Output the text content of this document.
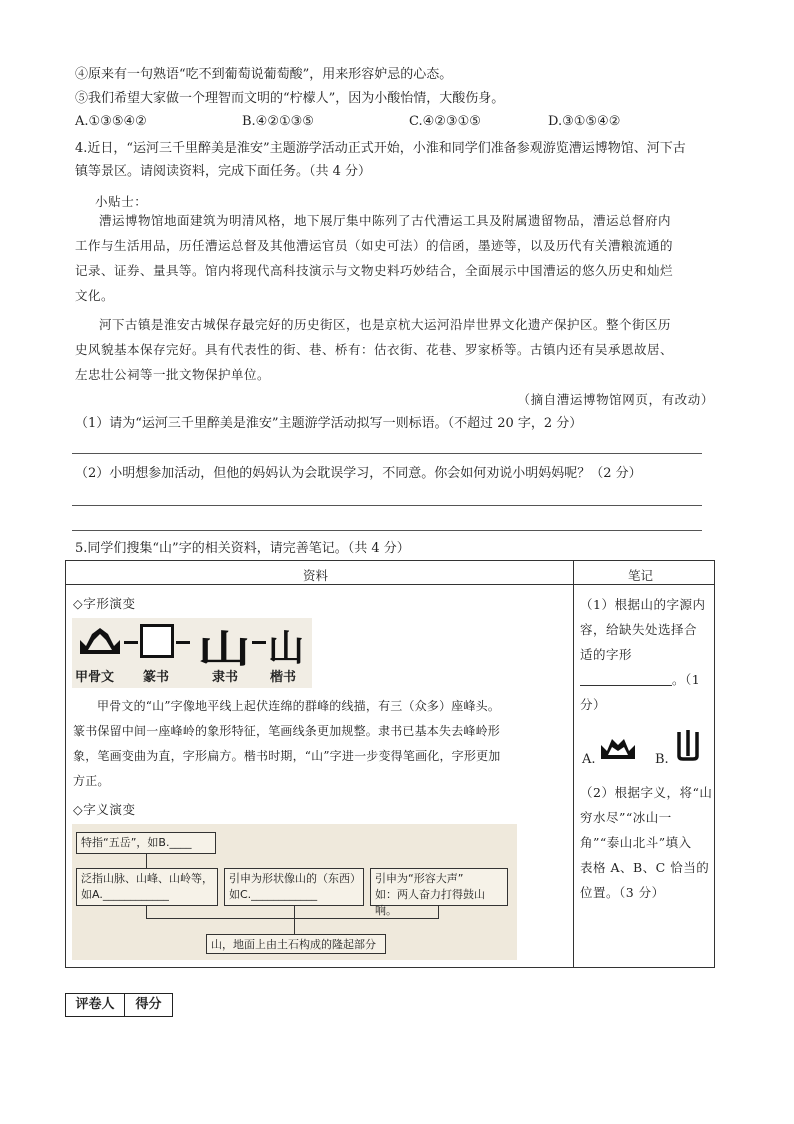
④原来有一句熟语“吃不到葡萄说葡萄酸”，用来形容妒忌的心态。
⑤我们希望大家做一个理智而文明的“柠檬人”，因为小酸怡情，大酸伤身。
A.①③⑤④②	B.④②①③⑤	C.④②③①⑤	D.③①⑤④②
4.近日，“运河三千里醉美是淮安”主题游学活动正式开始，小淮和同学们准备参观游览漕运博物馆、河下古
镇等景区。请阅读资料，完成下面任务。（共 4 分）
小贴士：
漕运博物馆地面建筑为明清风格，地下展厅集中陈列了古代漕运工具及附属遗留物品，漕运总督府内
工作与生活用品，历任漕运总督及其他漕运官员（如史可法）的信函，墨迹等，以及历代有关漕粮流通的
记录、证券、量具等。馆内将现代高科技演示与文物史料巧妙结合，全面展示中国漕运的悠久历史和灿烂
文化。
河下古镇是淮安古城保存最完好的历史街区，也是京杭大运河沿岸世界文化遗产保护区。整个街区历
史风貌基本保存完好。具有代表性的街、巷、桥有：估衣街、花巷、罗家桥等。古镇内还有吴承恩故居、
左忠壮公祠等一批文物保护单位。
（摘自漕运博物馆网页，有改动）
（1）请为“运河三千里醉美是淮安”主题游学活动拟写一则标语。（不超过 20 字，2 分）
（2）小明想参加活动，但他的妈妈认为会耽误学习，不同意。你会如何劝说小明妈妈呢？（2 分）
5.同学们搜集“山”字的相关资料，请完善笔记。（共 4 分）
资料	笔记
◇字形演变
山 山
甲骨文 篆书	隶书 楷书
甲骨文的“山”字像地平线上起伏连绵的群峰的线描，有三（众多）座峰头。
篆书保留中间一座峰岭的象形特征，笔画线条更加规整。隶书已基本失去峰岭形
象，笔画变曲为直，字形扁方。楷书时期，“山”字进一步变得笔画化，字形更加
方正。
◇字义演变
特指“五岳”，如B.____
泛指山脉、山峰、山岭等，
如A.____________
引申为形状像山的（东西）
如C.____________
引申为“形容大声”
如：两人奋力打得鼓山响。
山，地面上由土石构成的隆起部分
（1）根据山的字源内
容，给缺失处选择合
适的字形
。（1
分）
A.	B.
（2）根据字义，将“山
穷水尽”“冰山一
角”“泰山北斗”填入
表格 A、B、C 恰当的
位置。（3 分）
评卷人	得分
